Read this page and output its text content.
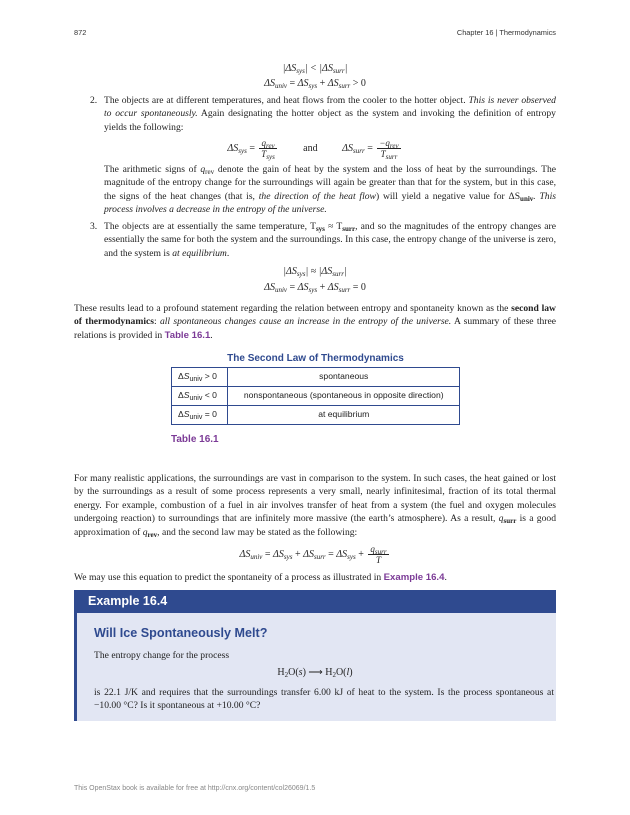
872	Chapter 16 | Thermodynamics
$|\Delta S_{sys}| < |\Delta S_{surr}|$
$\Delta S_{univ} = \Delta S_{sys} + \Delta S_{surr} > 0$
2. The objects are at different temperatures, and heat flows from the cooler to the hotter object. This is never observed to occur spontaneously. Again designating the hotter object as the system and invoking the definition of entropy yields the following:
$\Delta S_{sys} = \frac{q_{rev}}{T_{sys}}$	and $\Delta S_{surr} = \frac{-q_{rev}}{T_{surr}}$
The arithmetic signs of $q_{rev}$ denote the gain of heat by the system and the loss of heat by the surroundings. The magnitude of the entropy change for the surroundings will again be greater than that for the system, but in this case, the signs of the heat changes (that is, the direction of the heat flow) will yield a negative value for $\Delta S_{univ}$. This process involves a decrease in the entropy of the universe.
3. The objects are at essentially the same temperature, $T_{sys} \approx T_{surr}$, and so the magnitudes of the entropy changes are essentially the same for both the system and the surroundings. In this case, the entropy change of the universe is zero, and the system is at equilibrium.
$|\Delta S_{sys}| \approx |\Delta S_{surr}|$
$\Delta S_{univ} = \Delta S_{sys} + \Delta S_{surr} = 0$
These results lead to a profound statement regarding the relation between entropy and spontaneity known as the second law of thermodynamics: all spontaneous changes cause an increase in the entropy of the universe. A summary of these three relations is provided in Table 16.1.
The Second Law of Thermodynamics
$\Delta S_{univ} > 0$	spontaneous
$\Delta S_{univ} < 0$	nonspontaneous (spontaneous in opposite direction)
$\Delta S_{univ} = 0$	at equilibrium
Table 16.1
For many realistic applications, the surroundings are vast in comparison to the system. In such cases, the heat gained or lost by the surroundings as a result of some process represents a very small, nearly infinitesimal, fraction of its total thermal energy. For example, combustion of a fuel in air involves transfer of heat from a system (the fuel and oxygen molecules undergoing reaction) to surroundings that are infinitely more massive (the earth’s atmosphere). As a result, $q_{surr}$ is a good approximation of $q_{rev}$, and the second law may be stated as the following:
$\Delta S_{univ} = \Delta S_{sys} + \Delta S_{surr} = \Delta S_{sys} + \frac{q_{surr}}{T}$
We may use this equation to predict the spontaneity of a process as illustrated in Example 16.4.
Example 16.4
Will Ice Spontaneously Melt?
The entropy change for the process
$H_2O(s)$ ⟶ $H_2O(l)$
is 22.1 J/K and requires that the surroundings transfer 6.00 kJ of heat to the system. Is the process spontaneous at −10.00 °C? Is it spontaneous at +10.00 °C?
This OpenStax book is available for free at http://cnx.org/content/col26069/1.5
